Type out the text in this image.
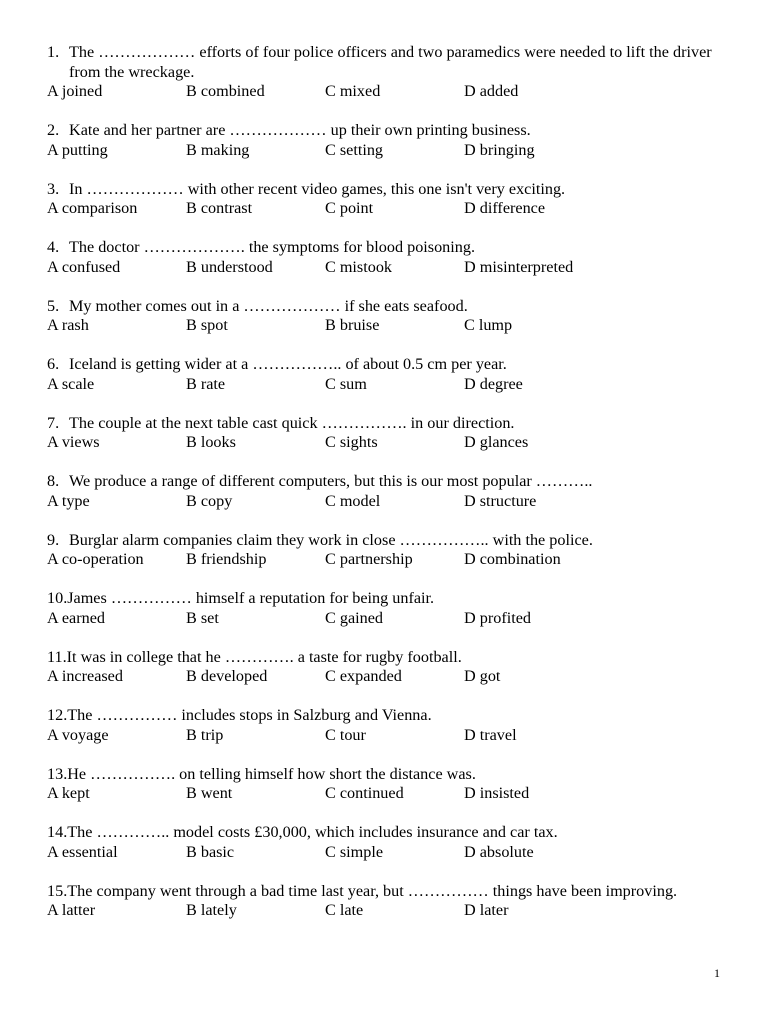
1. The ……………… efforts of four police officers and two paramedics were needed to lift the driver from the wreckage.
A joined	B combined	C mixed	D added
2. Kate and her partner are ……………… up their own printing business.
A putting	B making	C setting	D bringing
3. In ……………… with other recent video games, this one isn't very exciting.
A comparison	B contrast	C point	D difference
4. The doctor ………………. the symptoms for blood poisoning.
A confused	B understood	C mistook	D misinterpreted
5. My mother comes out in a ……………… if she eats seafood.
A rash	B spot	B bruise	C lump
6. Iceland is getting wider at a …………….. of about 0.5 cm per year.
A scale	B rate	C sum	D degree
7. The couple at the next table cast quick ……………. in our direction.
A views	B looks	C sights	D glances
8. We produce a range of different computers, but this is our most popular ………..
A type	B copy	C model	D structure
9. Burglar alarm companies claim they work in close …………….. with the police.
A co-operation	B friendship	C partnership	D combination
10. James …………… himself a reputation for being unfair.
A earned	B set	C gained	D profited
11. It was in college that he …………. a taste for rugby football.
A increased	B developed	C expanded	D got
12. The …………… includes stops in Salzburg and Vienna.
A voyage	B trip	C tour	D travel
13. He ……………. on telling himself how short the distance was.
A kept	B went	C continued	D insisted
14. The ………….. model costs £30,000, which includes insurance and car tax.
A essential	B basic	C simple	D absolute
15. The company went through a bad time last year, but …………… things have been improving.
A latter	B lately	C late	D later
1
